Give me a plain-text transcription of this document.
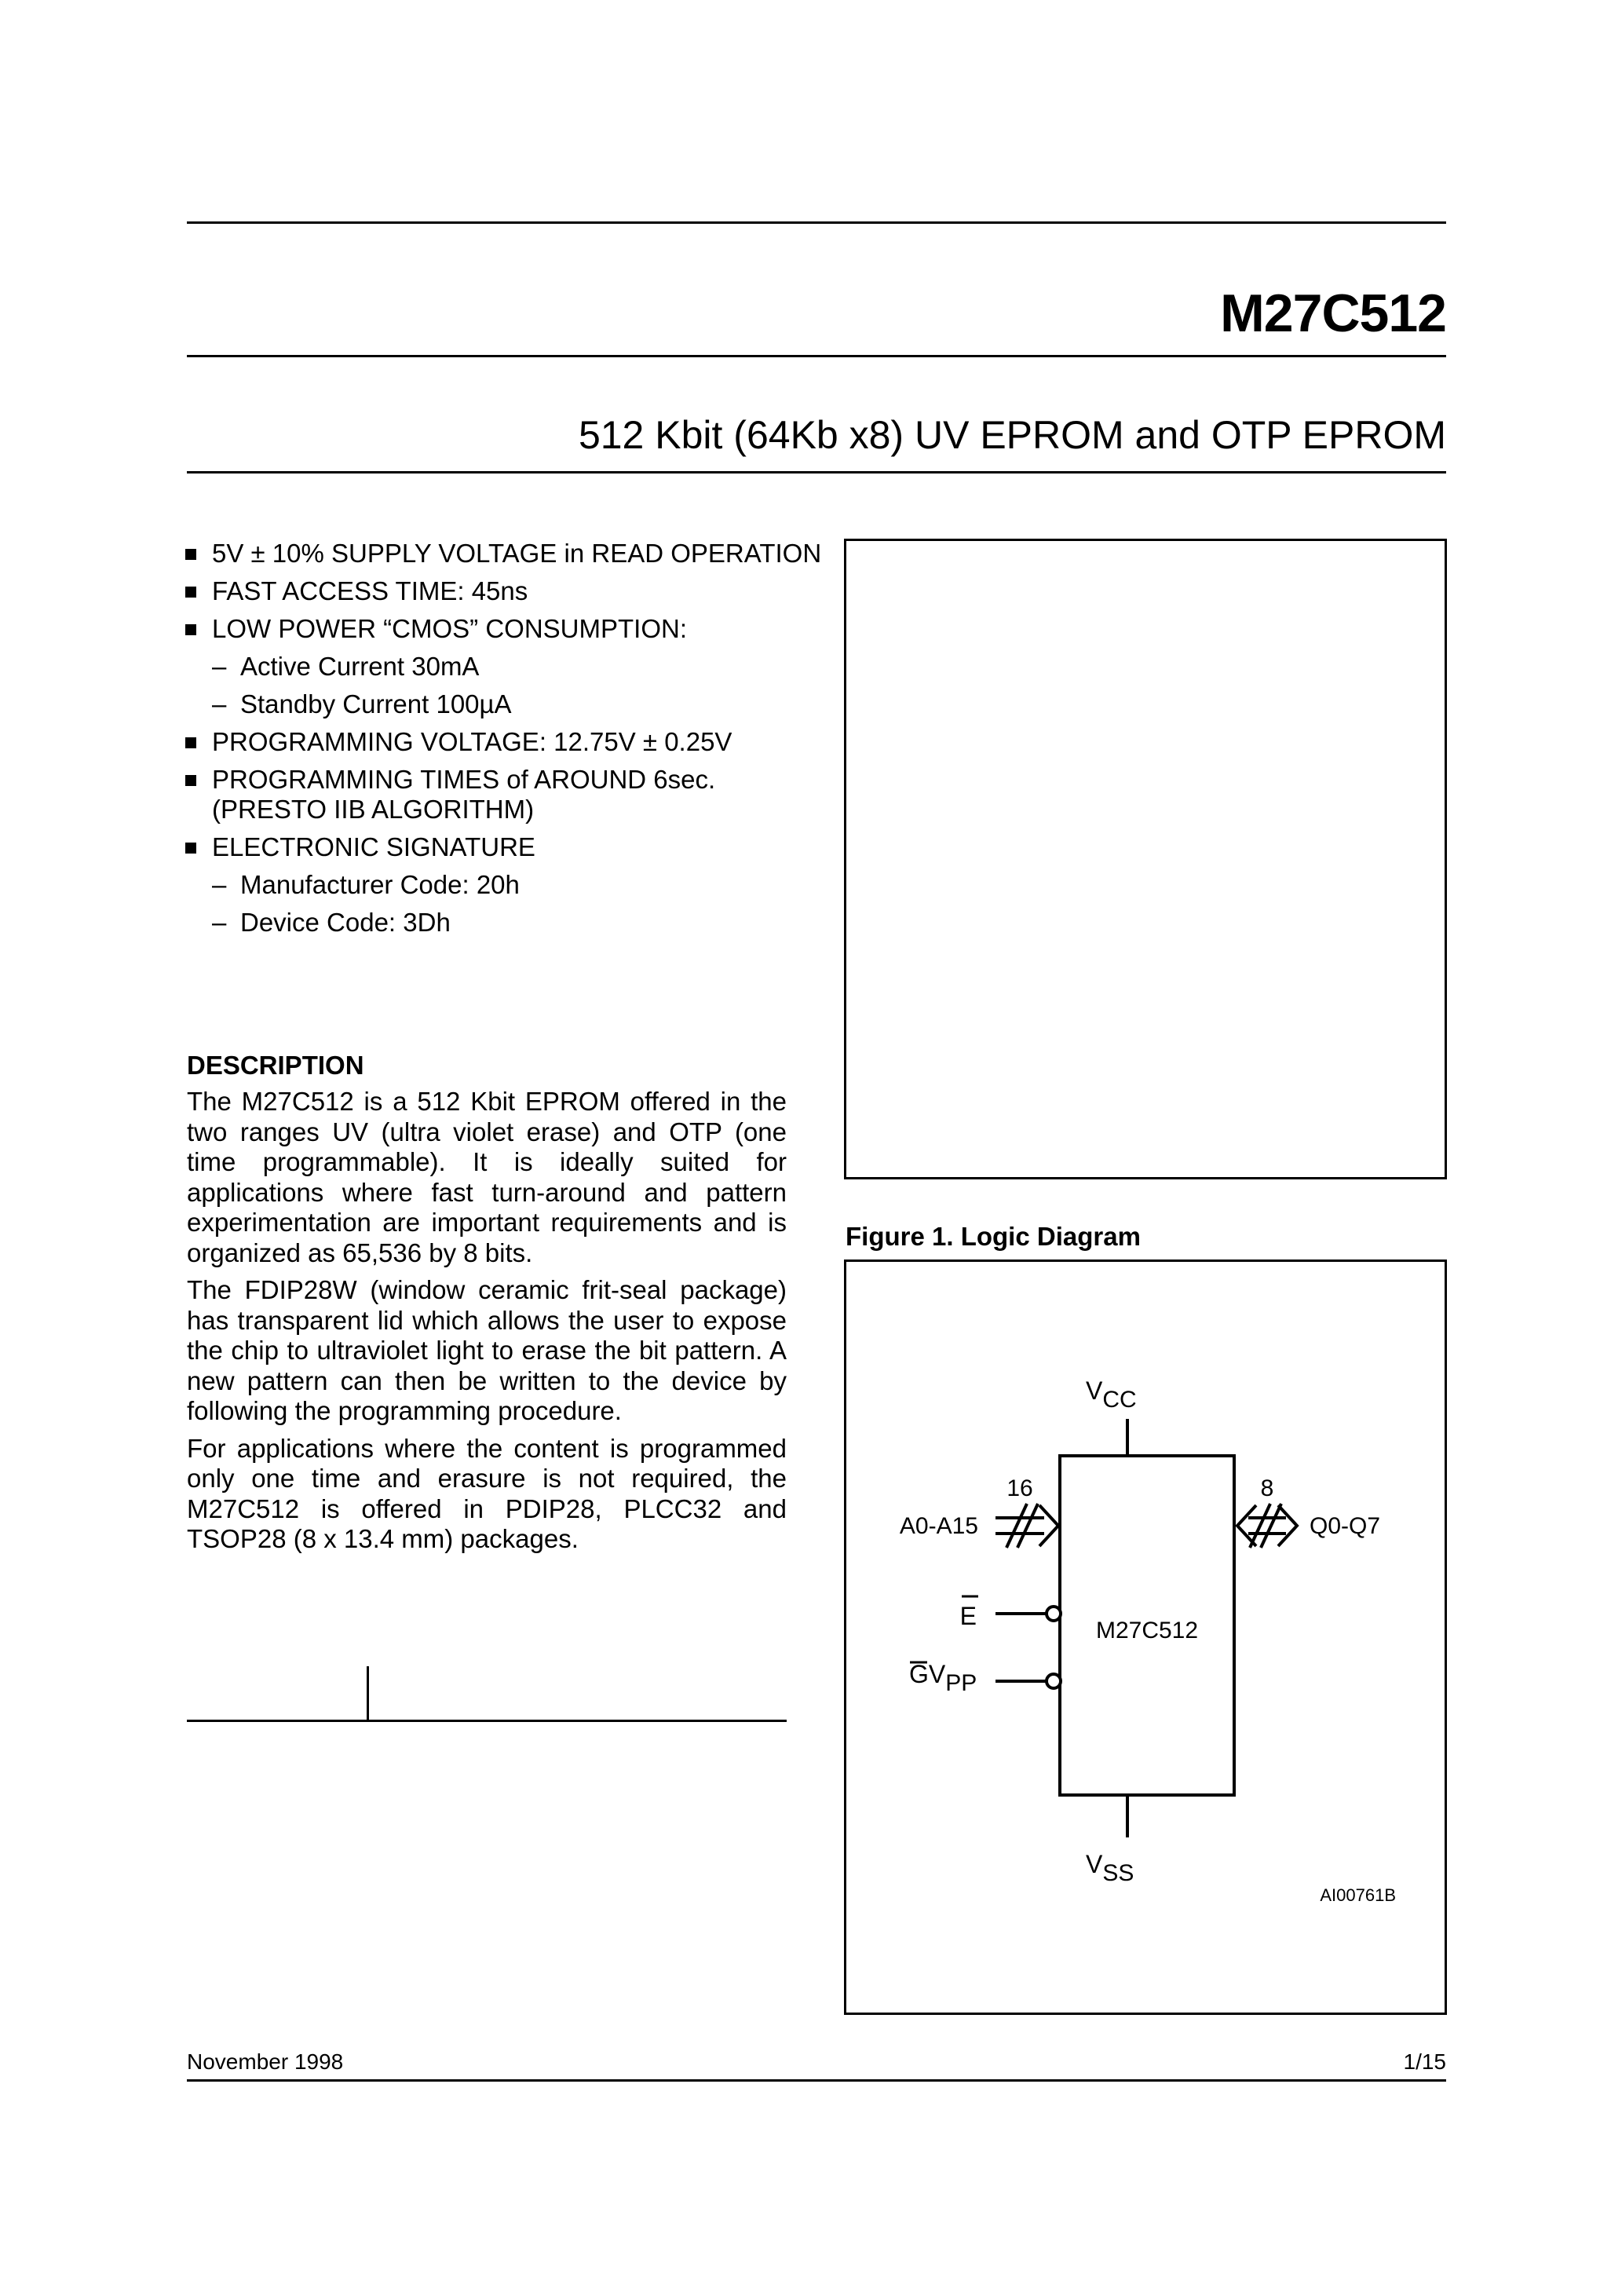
M27C512
512 Kbit (64Kb x8) UV EPROM and OTP EPROM
5V ± 10% SUPPLY VOLTAGE in READ OPERATION
FAST ACCESS TIME: 45ns
LOW POWER “CMOS” CONSUMPTION:
– Active Current 30mA
– Standby Current 100µA
PROGRAMMING VOLTAGE: 12.75V ± 0.25V
PROGRAMMING TIMES of AROUND 6sec. (PRESTO IIB ALGORITHM)
ELECTRONIC SIGNATURE
– Manufacturer Code: 20h
– Device Code: 3Dh
DESCRIPTION

The M27C512 is a 512 Kbit EPROM offered in the two ranges UV (ultra violet erase) and OTP (one time programmable). It is ideally suited for applications where fast turn-around and pattern experimentation are important requirements and is organized as 65,536 by 8 bits.

The FDIP28W (window ceramic frit-seal package) has transparent lid which allows the user to expose the chip to ultraviolet light to erase the bit pattern. A new pattern can then be written to the device by following the programming procedure.

For applications where the content is programmed only one time and erasure is not required, the M27C512 is offered in PDIP28, PLCC32 and TSOP28 (8 x 13.4 mm) packages.

Figure 1. Logic Diagram
M27C512
VCC
VSS
16
A0-A15
8
Q0-Q7
E
GVPP
AI00761B
November 1998	1/15
